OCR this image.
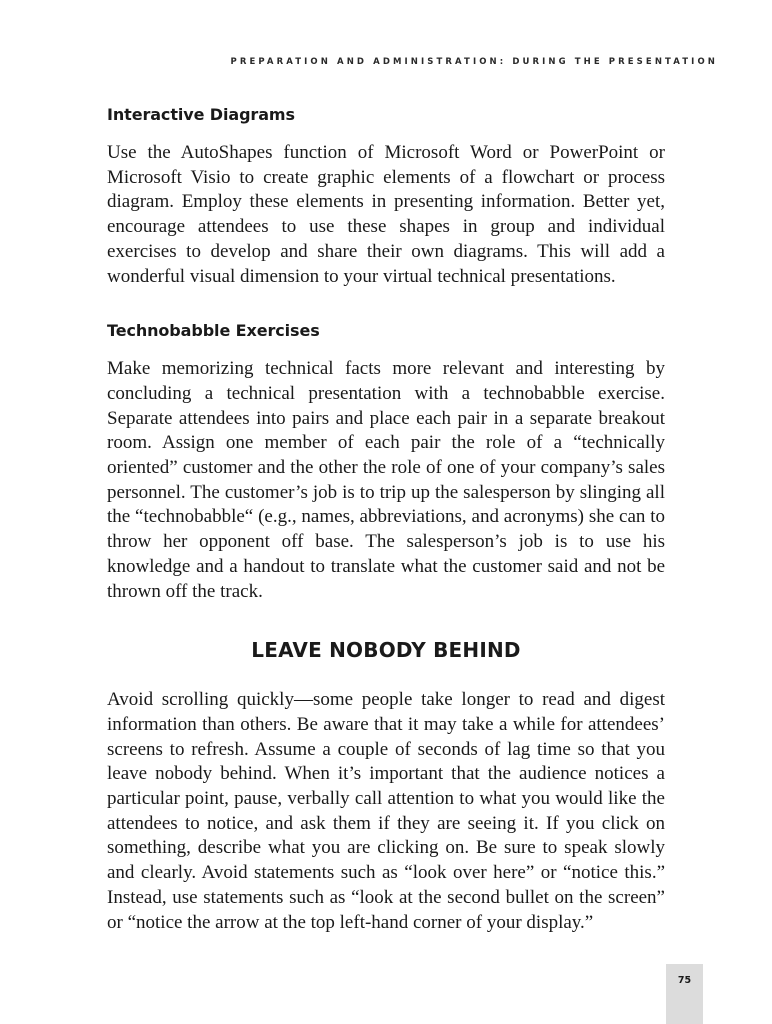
PREPARATION AND ADMINISTRATION: DURING THE PRESENTATION
Interactive Diagrams

Use the AutoShapes function of Microsoft Word or PowerPoint or Microsoft Visio to create graphic elements of a flowchart or process diagram. Employ these elements in presenting information. Better yet, encourage attendees to use these shapes in group and individual exercises to develop and share their own diagrams. This will add a wonderful visual dimension to your virtual technical presentations.

Technobabble Exercises

Make memorizing technical facts more relevant and interesting by concluding a technical presentation with a technobabble exercise. Separate attendees into pairs and place each pair in a separate breakout room. Assign one member of each pair the role of a “technically oriented” customer and the other the role of one of your company’s sales personnel. The customer’s job is to trip up the salesperson by slinging all the “technobabble“ (e.g., names, abbreviations, and acronyms) she can to throw her opponent off base. The salesperson’s job is to use his knowledge and a handout to translate what the customer said and not be thrown off the track.

LEAVE NOBODY BEHIND

Avoid scrolling quickly—some people take longer to read and digest information than others. Be aware that it may take a while for attendees’ screens to refresh. Assume a couple of seconds of lag time so that you leave nobody behind. When it’s important that the audience notices a particular point, pause, verbally call attention to what you would like the attendees to notice, and ask them if they are seeing it. If you click on something, describe what you are clicking on. Be sure to speak slowly and clearly. Avoid statements such as “look over here” or “notice this.” Instead, use statements such as “look at the second bullet on the screen” or “notice the arrow at the top left-hand corner of your display.”

75
